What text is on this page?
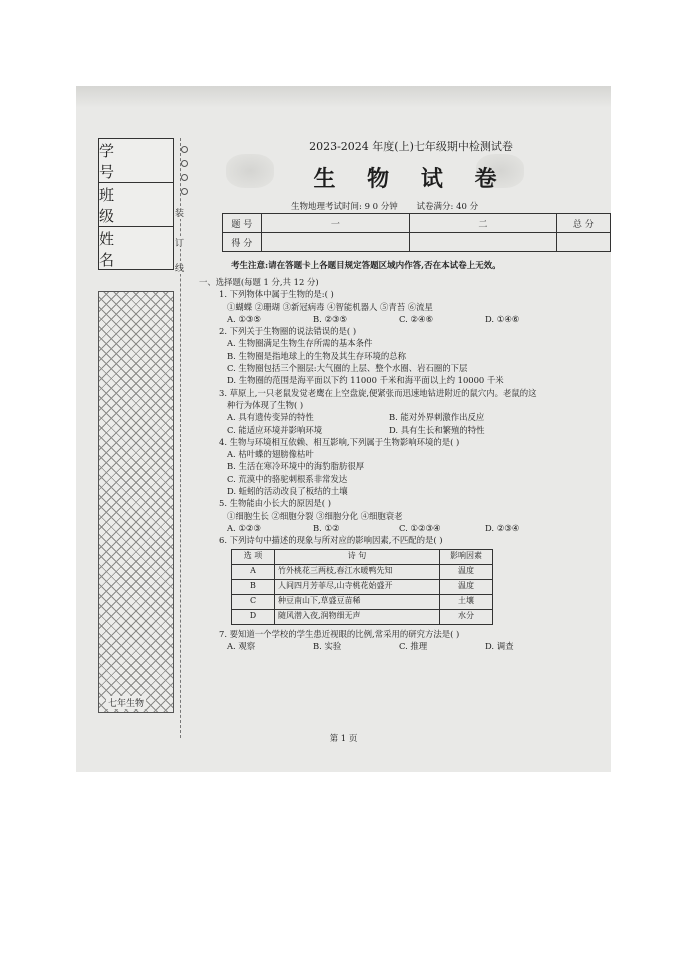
学 号
班 级
姓 名
七年生物
装
订
线
2023-2024 年度(上)七年级期中检测试卷
生 物 试 卷
生物地理考试时间: 9 0 分钟 试卷满分: 40 分
题 号	一	二	总 分
得 分			
考生注意:请在答题卡上各题目规定答题区域内作答,否在本试卷上无效。
一、选择题(每题 1 分,共 12 分)
1. 下列物体中属于生物的是:( )
①蝴蝶 ②珊瑚 ③新冠病毒 ④智能机器人 ⑤青苔 ⑥流星
A. ①③⑤	B. ②③⑤	C. ②④⑥	D. ①④⑥
2. 下列关于生物圈的说法错误的是( )
A. 生物圈满足生物生存所需的基本条件
B. 生物圈是指地球上的生物及其生存环境的总称
C. 生物圈包括三个圈层:大气圈的上层、整个水圈、岩石圈的下层
D. 生物圈的范围是海平面以下约 11000 千米和海平面以上约 10000 千米
3. 草原上,一只老鼠发觉老鹰在上空盘旋,便紧张而迅速地钻进附近的鼠穴内。老鼠的这
种行为体现了生物( )
A. 具有遗传变异的特性	B. 能对外界刺激作出反应
C. 能适应环境并影响环境	D. 具有生长和繁殖的特性
4. 生物与环境相互依赖、相互影响,下列属于生物影响环境的是( )
A. 枯叶蝶的翅膀像枯叶
B. 生活在寒冷环境中的海豹脂肪很厚
C. 荒漠中的骆驼刺根系非常发达
D. 蚯蚓的活动改良了板结的土壤
5. 生物能由小长大的原因是( )
①细胞生长 ②细胞分裂 ③细胞分化 ④细胞衰老
A. ①②③	B. ①②	C. ①②③④	D. ②③④
6. 下列诗句中描述的现象与所对应的影响因素,不匹配的是( )
选 项	诗 句	影响因素
A	竹外桃花三两枝,春江水暖鸭先知	温度
B	人间四月芳菲尽,山寺桃花始盛开	温度
C	种豆南山下,草盛豆苗稀	土壤
D	随风潜入夜,润物细无声	水分
7. 要知道一个学校的学生患近视眼的比例,常采用的研究方法是( )
A. 观察	B. 实验	C. 推理	D. 调查
第 1 页
